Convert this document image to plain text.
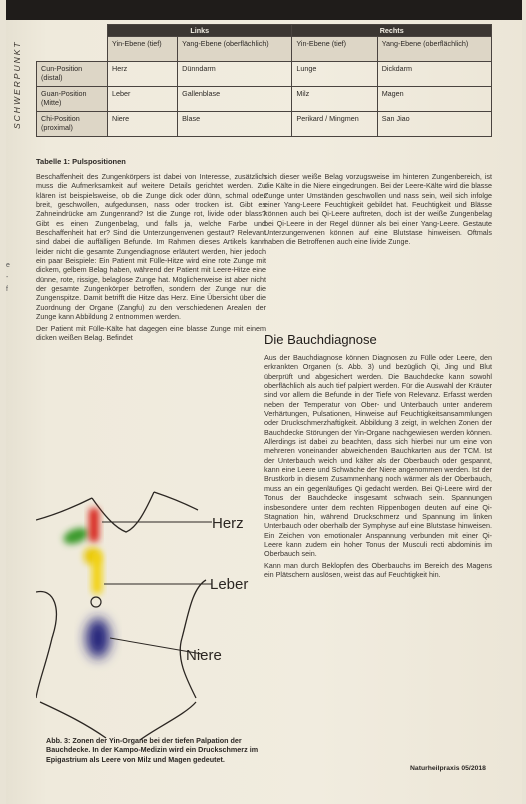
SCHWERPUNKT
e
-
f
	Links		Rechts	
	Yin-Ebene (tief)	Yang-Ebene (oberflächlich)	Yin-Ebene (tief)	Yang-Ebene (oberflächlich)
Cun-Position (distal)	Herz	Dünndarm	Lunge	Dickdarm
Guan-Position (Mitte)	Leber	Gallenblase	Milz	Magen
Chi-Position (proximal)	Niere	Blase	Perikard / Mingmen	San Jiao
Tabelle 1: Pulspositionen

Beschaffenheit des Zungenkörpers ist dabei von Interesse, zusätzlich muss die Aufmerksamkeit auf weitere Details gerichtet werden. Zu klären ist beispielsweise, ob die Zunge dick oder dünn, schmal oder breit, geschwollen, aufgedunsen, nass oder trocken ist. Gibt es Zahneindrücke am Zungenrand? Ist die Zunge rot, livide oder blass? Gibt es einen Zungenbelag, und falls ja, welche Farbe und Beschaffenheit hat er? Sind die Unterzungenvenen gestaut? Relevant sind dabei die auffälligen Befunde. Im Rahmen dieses Artikels kann leider nicht die gesamte Zungendiagnose erläutert werden, hier jedoch ein paar Beispiele: Ein Patient mit Fülle-Hitze wird eine rote Zunge mit dickem, gelbem Belag haben, während der Patient mit Leere-Hitze eine dünne, rote, rissige, belaglose Zunge hat. Möglicherweise ist aber nicht der gesamte Zungenkörper betroffen, sondern der Zunge nur die Zungenspitze. Damit betrifft die Hitze das Herz. Eine Übersicht über die Zuordnung der Organe (Zangfu) zu den verschiedenen Arealen der Zunge kann Abbildung 2 entnommen werden.

Der Patient mit Fülle-Kälte hat dagegen eine blasse Zunge mit einem dicken weißen Belag. Befindet

sich dieser weiße Belag vorzugsweise im hinteren Zungenbereich, ist die Kälte in die Niere eingedrungen. Bei der Leere-Kälte wird die blasse Zunge unter Umständen geschwollen und nass sein, weil sich infolge einer Yang-Leere Feuchtigkeit gebildet hat. Feuchtigkeit und Blässe können auch bei Qi-Leere auftreten, doch ist der weiße Zungenbelag bei Qi-Leere in der Regel dünner als bei einer Yang-Leere. Gestaute Unterzungenvenen können auf eine Blutstase hinweisen. Oftmals haben die Betroffenen auch eine livide Zunge.

Die Bauchdiagnose

Aus der Bauchdiagnose können Diagnosen zu Fülle oder Leere, den erkrankten Organen (s. Abb. 3) und bezüglich Qi, Jing und Blut überprüft und abgesichert werden. Die Bauchdecke kann sowohl oberflächlich als auch tief palpiert werden. Für die Auswahl der Kräuter sind vor allem die Befunde in der Tiefe von Relevanz. Erfasst werden neben der Temperatur von Ober- und Unterbauch unter anderem Verhärtungen, Pulsationen, Hinweise auf Feuchtigkeitsansammlungen oder Druckschmerzhaftigkeit. Abbildung 3 zeigt, in welchen Zonen der Bauchdecke Störungen der Yin-Organe nachgewiesen werden können. Allerdings ist dabei zu beachten, dass sich hierbei nur um eine von mehreren voneinander abweichenden Bauchkarten aus der TCM. Ist der Unterbauch weich und kälter als der Oberbauch oder gespannt, kann eine Leere und Schwäche der Niere angenommen werden. Ist der Brustkorb in diesem Zusammenhang noch wärmer als der Oberbauch, muss an ein gegenläufiges Qi gedacht werden. Bei Qi-Leere wird der Tonus der Bauchdecke insgesamt schwach sein. Spannungen insbesondere unter dem rechten Rippenbogen deuten auf eine Qi-Stagnation hin, während Druckschmerz und Spannung im linken Unterbauch oder oberhalb der Symphyse auf eine Blutstase hinweisen. Ein Zeichen von emotionaler Anspannung verbunden mit einer Qi-Leere kann zudem ein hoher Tonus der Musculi recti abdominis im Oberbauch sein.

Kann man durch Beklopfen des Oberbauchs im Bereich des Magens ein Plätschern auslösen, weist das auf Feuchtigkeit hin.

Herz
Leber
Niere
Abb. 3: Zonen der Yin-Organe bei der tiefen Palpation der Bauchdecke. In der Kampo-Medizin wird ein Druckschmerz im Epigastrium als Leere von Milz und Magen gedeutet.
Naturheilpraxis 05/2018
